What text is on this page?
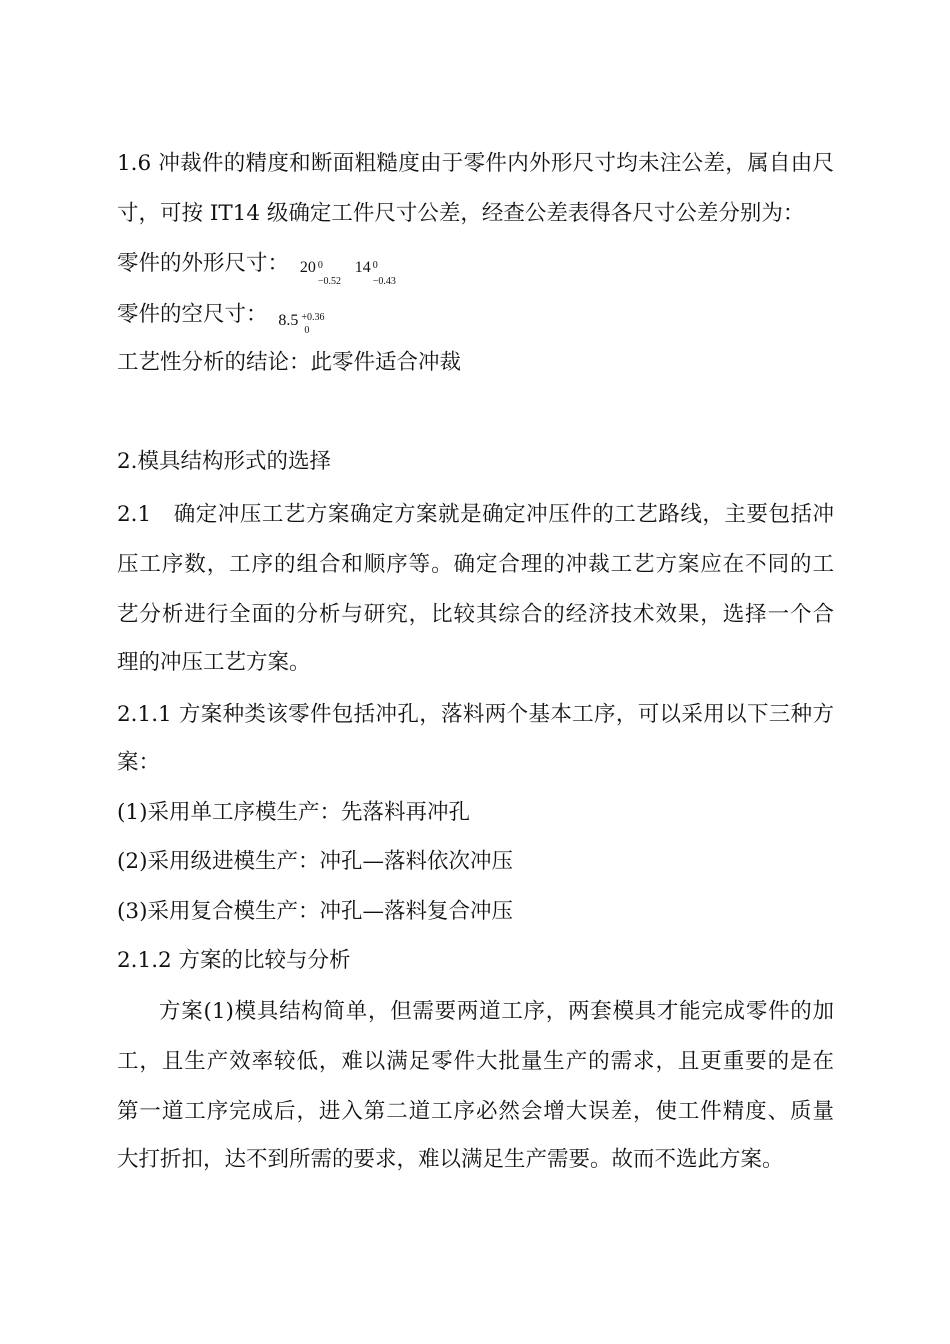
1.6 冲裁件的精度和断面粗糙度由于零件内外形尺寸均未注公差，属自由尺
寸，可按 IT14 级确定工件尺寸公差，经查公差表得各尺寸公差分别为：
零件的外形尺寸： 20 0
−0.52
14 0
−0.43
零件的空尺寸： 8.5 +0.36
0
工艺性分析的结论：此零件适合冲裁
2.模具结构形式的选择
2.1　确定冲压工艺方案确定方案就是确定冲压件的工艺路线，主要包括冲
压工序数，工序的组合和顺序等。确定合理的冲裁工艺方案应在不同的工
艺分析进行全面的分析与研究，比较其综合的经济技术效果，选择一个合
理的冲压工艺方案。
2.1.1 方案种类该零件包括冲孔，落料两个基本工序，可以采用以下三种方
案：
(1)采用单工序模生产：先落料再冲孔
(2)采用级进模生产：冲孔—落料依次冲压
(3)采用复合模生产：冲孔—落料复合冲压
2.1.2 方案的比较与分析
方案(1)模具结构简单，但需要两道工序，两套模具才能完成零件的加
工，且生产效率较低，难以满足零件大批量生产的需求，且更重要的是在
第一道工序完成后，进入第二道工序必然会增大误差，使工件精度、质量
大打折扣，达不到所需的要求，难以满足生产需要。故而不选此方案。
